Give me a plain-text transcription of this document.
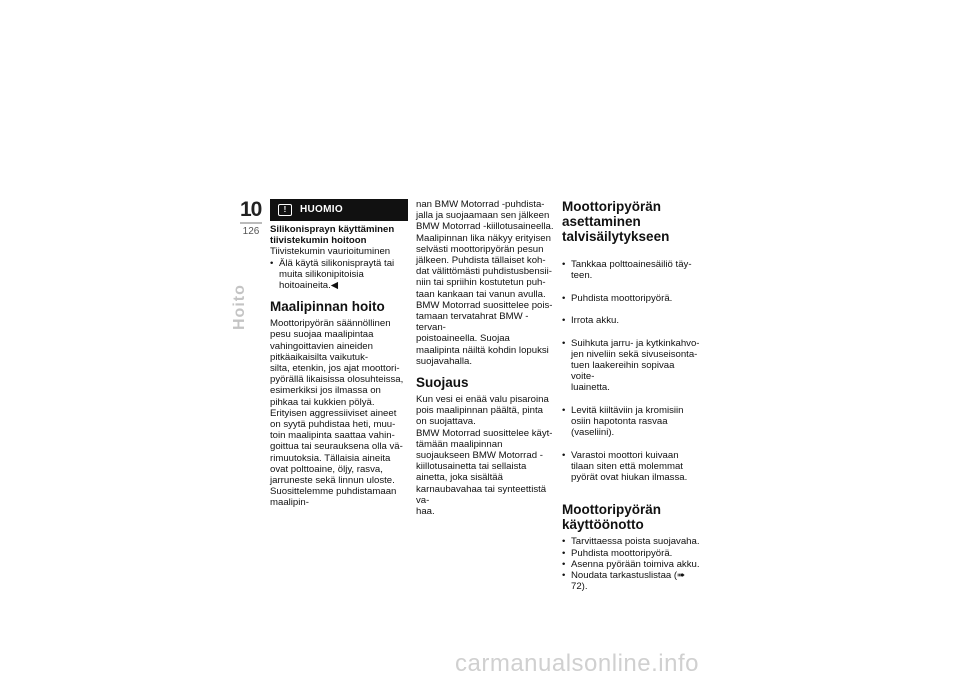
10
126
Hoito
!	HUOMIO

Silikonisprayn käyttäminen tiivistekumin hoitoon

Tiivistekumin vaurioituminen

• Älä käytä silikonispraytä tai muita silikonipitoisia hoitoaineita.◀
Maalipinnan hoito

Moottoripyörän säännöllinen pesu suojaa maalipintaa vahingoittavien aineiden pitkäaikaisilta vaikutuk-
silta, etenkin, jos ajat moottori-
pyörällä likaisissa olosuhteissa, esimerkiksi jos ilmassa on pihkaa tai kukkien pölyä.
Erityisen aggressiiviset aineet on syytä puhdistaa heti, muu-
toin maalipinta saattaa vahin-
goittua tai seurauksena olla vä-
rimuutoksia. Tällaisia aineita ovat polttoaine, öljy, rasva, jarruneste sekä linnun uloste. Suosittelemme puhdistamaan maalipin-

nan BMW Motorrad -puhdista-
jalla ja suojaamaan sen jälkeen BMW Motorrad -kiillotusaineella. Maalipinnan lika näkyy erityisen selvästi moottoripyörän pesun jälkeen. Puhdista tällaiset koh-
dat välittömästi puhdistusbensii-
niin tai spriihin kostutetun puh-
taan kankaan tai vanun avulla. BMW Motorrad suosittelee pois-
tamaan tervatahrat BMW -tervan-
poistoaineella. Suojaa maalipinta näiltä kohdin lopuksi suojavahalla.

Suojaus

Kun vesi ei enää valu pisaroina pois maalipinnan päältä, pinta on suojattava.
BMW Motorrad suosittelee käyt-
tämään maalipinnan suojaukseen BMW Motorrad -kiillotusainetta tai sellaista ainetta, joka sisältää karnaubavahaa tai synteettistä va-
haa.

Moottoripyörän asettaminen talvisäilytykseen

• Tankkaa polttoainesäiliö täy-
teen.

• Puhdista moottoripyörä.

• Irrota akku.

• Suihkuta jarru- ja kytkinkahvo-
jen niveliin sekä sivuseisonta-
tuen laakereihin sopivaa voite-
luainetta.

• Levitä kiiltäviin ja kromisiin osiin hapotonta rasvaa (vaseliini).

• Varastoi moottori kuivaan tilaan siten että molemmat pyörät ovat hiukan ilmassa.

Moottoripyörän käyttöönotto
• Tarvittaessa poista suojavaha.
• Puhdista moottoripyörä.
• Asenna pyörään toimiva akku.
• Noudata tarkastuslistaa (➠ 72).
carmanualsonline.info
